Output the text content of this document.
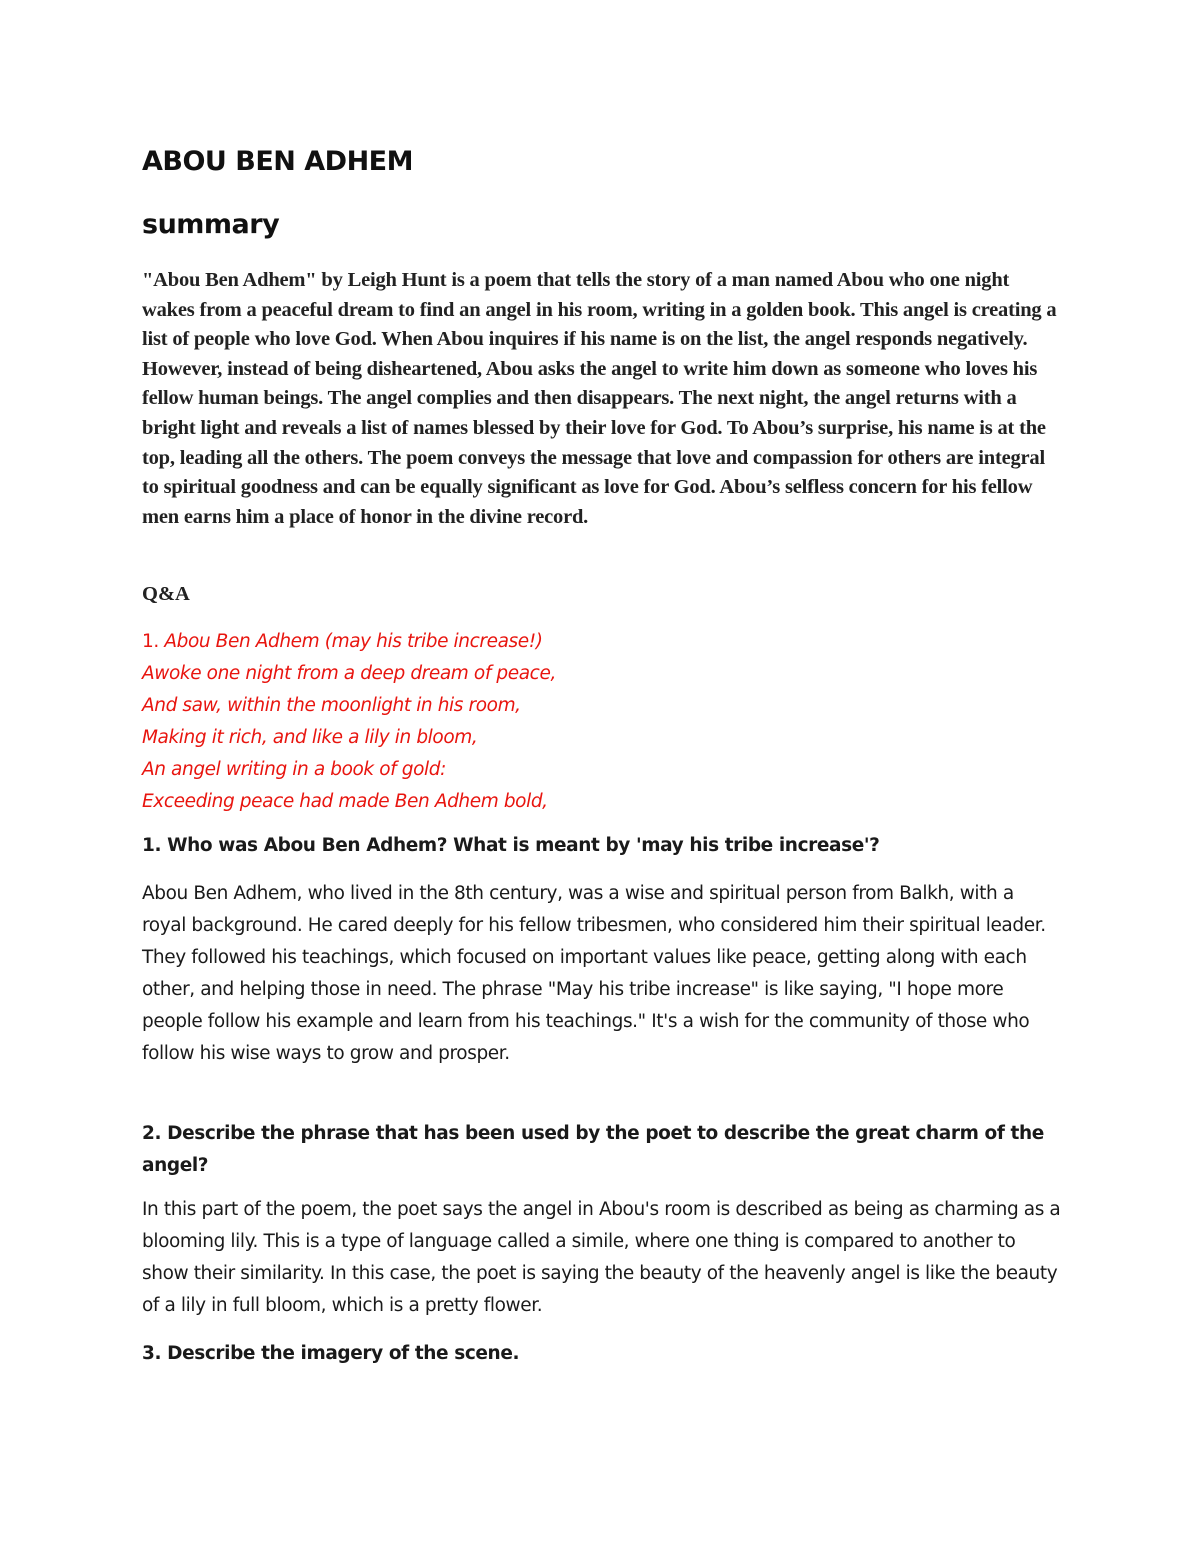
ABOU BEN ADHEM
summary

"Abou Ben Adhem" by Leigh Hunt is a poem that tells the story of a man named Abou who one night wakes from a peaceful dream to find an angel in his room, writing in a golden book. This angel is creating a list of people who love God. When Abou inquires if his name is on the list, the angel responds negatively. However, instead of being disheartened, Abou asks the angel to write him down as someone who loves his fellow human beings. The angel complies and then disappears. The next night, the angel returns with a bright light and reveals a list of names blessed by their love for God. To Abou’s surprise, his name is at the top, leading all the others. The poem conveys the message that love and compassion for others are integral to spiritual goodness and can be equally significant as love for God. Abou’s selfless concern for his fellow men earns him a place of honor in the divine record.

Q&A

1. Abou Ben Adhem (may his tribe increase!)
Awoke one night from a deep dream of peace,
And saw, within the moonlight in his room,
Making it rich, and like a lily in bloom,
An angel writing in a book of gold:
Exceeding peace had made Ben Adhem bold,

1. Who was Abou Ben Adhem? What is meant by 'may his tribe increase'?

Abou Ben Adhem, who lived in the 8th century, was a wise and spiritual person from Balkh, with a royal background. He cared deeply for his fellow tribesmen, who considered him their spiritual leader. They followed his teachings, which focused on important values like peace, getting along with each other, and helping those in need. The phrase "May his tribe increase" is like saying, "I hope more people follow his example and learn from his teachings." It's a wish for the community of those who follow his wise ways to grow and prosper.

2. Describe the phrase that has been used by the poet to describe the great charm of the angel?

In this part of the poem, the poet says the angel in Abou's room is described as being as charming as a blooming lily. This is a type of language called a simile, where one thing is compared to another to show their similarity. In this case, the poet is saying the beauty of the heavenly angel is like the beauty of a lily in full bloom, which is a pretty flower.

3. Describe the imagery of the scene.
